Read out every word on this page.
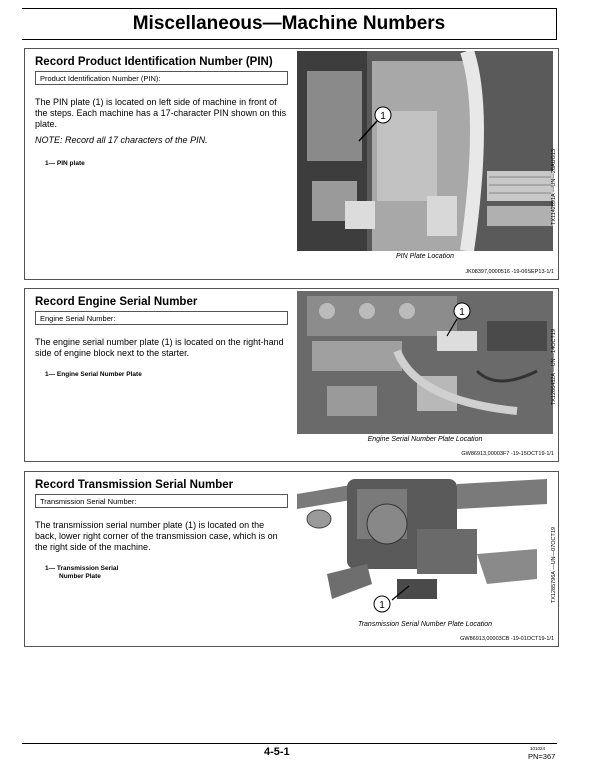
Miscellaneous—Machine Numbers
Record Product Identification Number (PIN)
Product Identification Number (PIN):
The PIN plate (1) is located on left side of machine in front of the steps. Each machine has a 17-character PIN shown on this plate.
NOTE: Record all 17 characters of the PIN.
1— PIN plate
1
TX1142891A —UN—26AUG13
PIN Plate Location
JK08397,0000516 -19-06SEP13-1/1
Record Engine Serial Number
Engine Serial Number:
The engine serial number plate (1) is located on the right-hand side of engine block next to the starter.
1— Engine Serial Number Plate
1
TX1286482A —UN—14OCT19
Engine Serial Number Plate Location
GW86913,00003F7 -19-15OCT19-1/1
Record Transmission Serial Number
Transmission Serial Number:
The transmission serial number plate (1) is located on the back, lower right corner of the transmission case, which is on the right side of the machine.
1— Transmission Serial
Number Plate
1
TX1285796A —UN—07OCT19
Transmission Serial Number Plate Location
GW86913,00003CB -19-01OCT19-1/1
4-5-1	101024
PN=367
